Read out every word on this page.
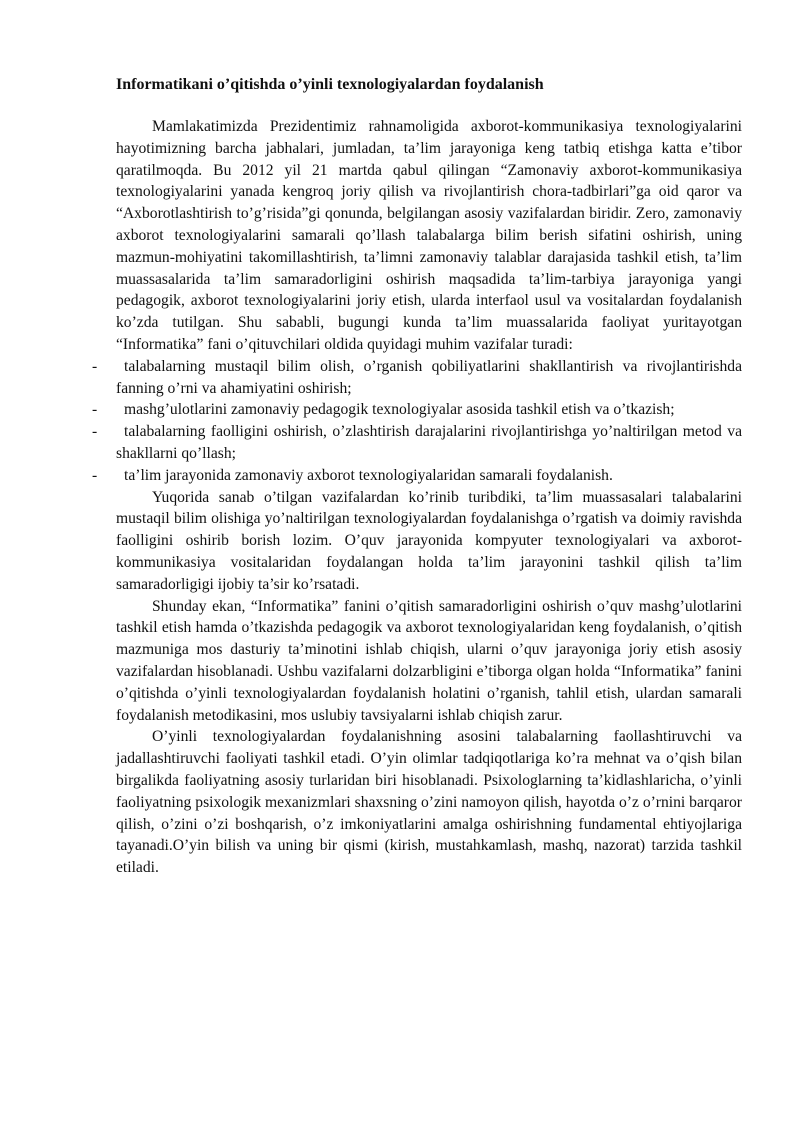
Informatikani o’qitishda o’yinli texnologiyalardan foydalanish

Mamlakatimizda Prezidentimiz rahnamoligida axborot-kommunikasiya texnologiyalarini hayotimizning barcha jabhalari, jumladan, ta’lim jarayoniga keng tatbiq etishga katta e’tibor qaratilmoqda. Bu 2012 yil 21 martda qabul qilingan “Zamonaviy axborot-kommunikasiya texnologiyalarini yanada kengroq joriy qilish va rivojlantirish chora-tadbirlari”ga oid qaror va “Axborotlashtirish to’g’risida”gi qonunda, belgilangan asosiy vazifalardan biridir. Zero, zamonaviy axborot texnologiyalarini samarali qo’llash talabalarga bilim berish sifatini oshirish, uning mazmun-mohiyatini takomillashtirish, ta’limni zamonaviy talablar darajasida tashkil etish, ta’lim muassasalarida ta’lim samaradorligini oshirish maqsadida ta’lim-tarbiya jarayoniga yangi pedagogik, axborot texnologiyalarini joriy etish, ularda interfaol usul va vositalardan foydalanish ko’zda tutilgan. Shu sababli, bugungi kunda ta’lim muassalarida faoliyat yuritayotgan “Informatika” fani o’qituvchilari oldida quyidagi muhim vazifalar turadi:

- talabalarning mustaqil bilim olish, o’rganish qobiliyatlarini shakllantirish va rivojlantirishda fanning o’rni va ahamiyatini oshirish;
- mashg’ulotlarini zamonaviy pedagogik texnologiyalar asosida tashkil etish va o’tkazish;
- talabalarning faolligini oshirish, o’zlashtirish darajalarini rivojlantirishga yo’naltirilgan metod va shakllarni qo’llash;
- ta’lim jarayonida zamonaviy axborot texnologiyalaridan samarali foydalanish.

Yuqorida sanab o’tilgan vazifalardan ko’rinib turibdiki, ta’lim muassasalari talabalarini mustaqil bilim olishiga yo’naltirilgan texnologiyalardan foydalanishga o’rgatish va doimiy ravishda faolligini oshirib borish lozim. O’quv jarayonida kompyuter texnologiyalari va axborot-kommunikasiya vositalaridan foydalangan holda ta’lim jarayonini tashkil qilish ta’lim samaradorligigi ijobiy ta’sir ko’rsatadi.

Shunday ekan, “Informatika” fanini o’qitish samaradorligini oshirish o’quv mashg’ulotlarini tashkil etish hamda o’tkazishda pedagogik va axborot texnologiyalaridan keng foydalanish, o’qitish mazmuniga mos dasturiy ta’minotini ishlab chiqish, ularni o’quv jarayoniga joriy etish asosiy vazifalardan hisoblanadi. Ushbu vazifalarni dolzarbligini e’tiborga olgan holda “Informatika” fanini o’qitishda o’yinli texnologiyalardan foydalanish holatini o’rganish, tahlil etish, ulardan samarali foydalanish metodikasini, mos uslubiy tavsiyalarni ishlab chiqish zarur.

O’yinli texnologiyalardan foydalanishning asosini talabalarning faollashtiruvchi va jadallashtiruvchi faoliyati tashkil etadi. O’yin olimlar tadqiqotlariga ko’ra mehnat va o’qish bilan birgalikda faoliyatning asosiy turlaridan biri hisoblanadi. Psixologlarning ta’kidlashlaricha, o’yinli faoliyatning psixologik mexanizmlari shaxsning o’zini namoyon qilish, hayotda o’z o’rnini barqaror qilish, o’zini o’zi boshqarish, o’z imkoniyatlarini amalga oshirishning fundamental ehtiyojlariga tayanadi.O’yin bilish va uning bir qismi (kirish, mustahkamlash, mashq, nazorat) tarzida tashkil etiladi.
